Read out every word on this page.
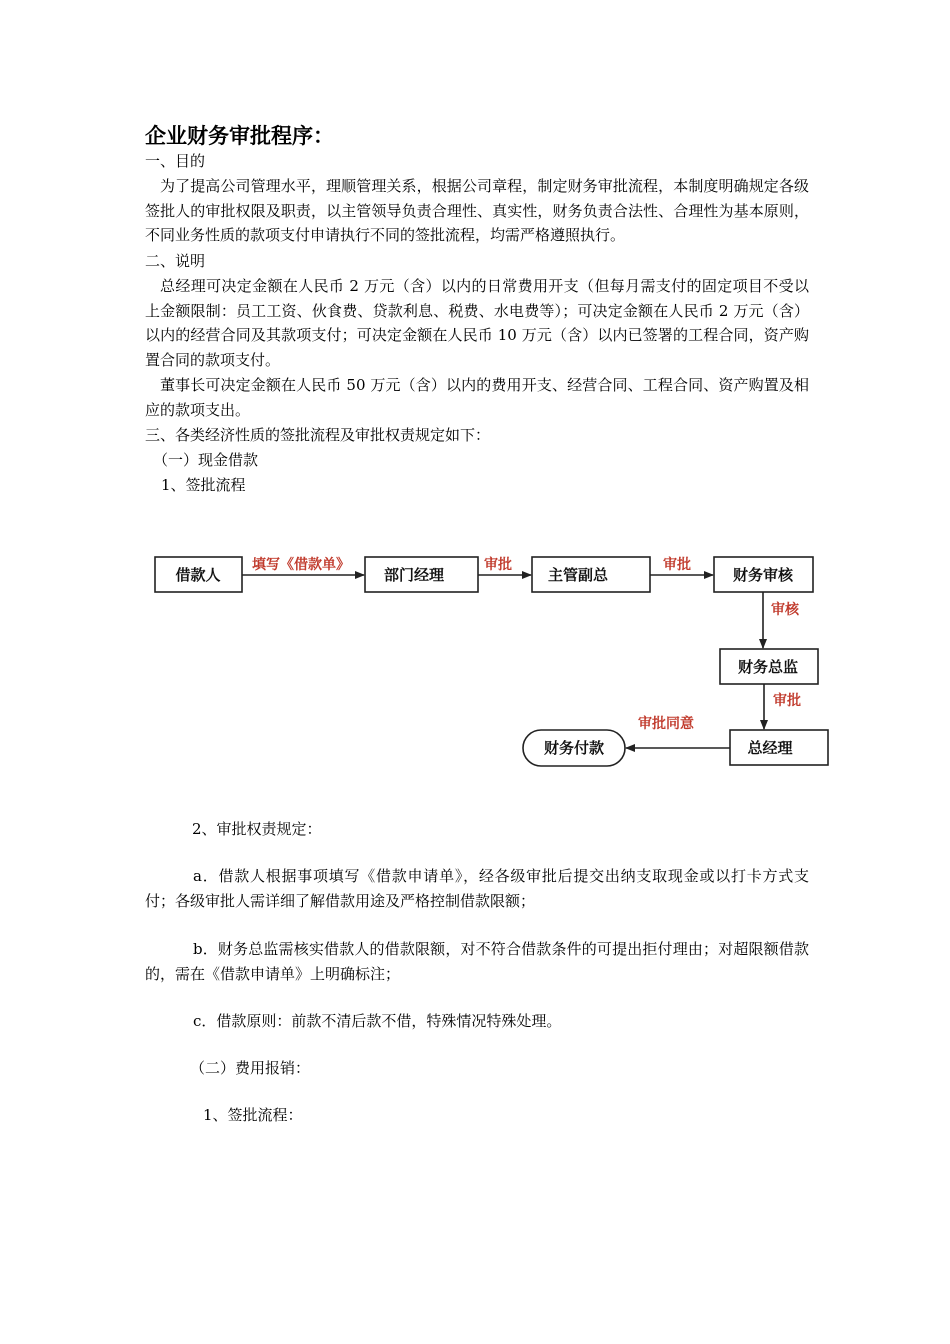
企业财务审批程序：
一、目的
为了提高公司管理水平，理顺管理关系，根据公司章程，制定财务审批流程，本制度明确规定各级签批人的审批权限及职责，以主管领导负责合理性、真实性，财务负责合法性、合理性为基本原则，不同业务性质的款项支付申请执行不同的签批流程，均需严格遵照执行。
二、说明
总经理可决定金额在人民币 2 万元（含）以内的日常费用开支（但每月需支付的固定项目不受以上金额限制：员工工资、伙食费、贷款利息、税费、水电费等）；可决定金额在人民币 2 万元（含）以内的经营合同及其款项支付；可决定金额在人民币 10 万元（含）以内已签署的工程合同，资产购置合同的款项支付。
董事长可决定金额在人民币 50 万元（含）以内的费用开支、经营合同、工程合同、资产购置及相应的款项支出。
三、各类经济性质的签批流程及审批权责规定如下：
（一）现金借款
1、签批流程
借款人	部门经理	主管副总	财务审核
财务总监
总经理
财务付款
填写《借款单》	审批	审批
审核
审批
审批同意
2、审批权责规定：
a．借款人根据事项填写《借款申请单》，经各级审批后提交出纳支取现金或以打卡方式支付；各级审批人需详细了解借款用途及严格控制借款限额；
b．财务总监需核实借款人的借款限额，对不符合借款条件的可提出拒付理由；对超限额借款的，需在《借款申请单》上明确标注；
c．借款原则：前款不清后款不借，特殊情况特殊处理。
（二）费用报销：
1、签批流程：
